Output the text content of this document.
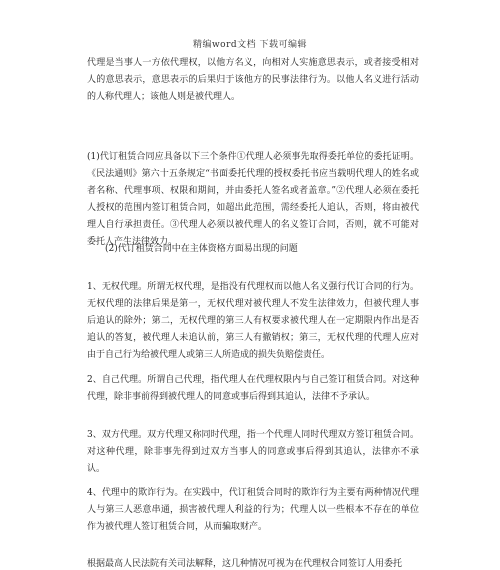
精编word文档 下载可编辑

代理是当事人一方依代理权，以他方名义，向相对人实施意思表示，或者接受相对人的意思表示，意思表示的后果归于该他方的民事法律行为。以他人名义进行活动的人称代理人；该他人则是被代理人。

(1)代订租赁合同应具备以下三个条件①代理人必须事先取得委托单位的委托证明。《民法通则》第六十五条规定“书面委托代理的授权委托书应当载明代理人的姓名或者名称、代理事项、权限和期间，并由委托人签名或者盖章。”②代理人必须在委托人授权的范围内签订租赁合同，如超出此范围，需经委托人追认，否则，将由被代理人自行承担责任。③代理人必须以被代理人的名义签订合同，否则，就不可能对委托人产生法律效力。

(2)代订租赁合同中在主体资格方面易出现的问题

1、无权代理。所谓无权代理，是指没有代理权而以他人名义强行代订合同的行为。无权代理的法律后果是第一，无权代理对被代理人不发生法律效力，但被代理人事后追认的除外；第二，无权代理的第三人有权要求被代理人在一定期限内作出是否追认的答复，被代理人未追认前，第三人有撤销权；第三，无权代理的代理人应对由于自己行为给被代理人或第三人所造成的损失负赔偿责任。

2、自己代理。所谓自己代理，指代理人在代理权限内与自己签订租赁合同。对这种代理，除非事前得到被代理人的同意或事后得到其追认，法律不予承认。

3、双方代理。双方代理又称同时代理，指一个代理人同时代理双方签订租赁合同。对这种代理，除非事先得到过双方当事人的同意或事后得到其追认，法律亦不承认。

4、代理中的欺诈行为。在实践中，代订租赁合同时的欺诈行为主要有两种情况代理人与第三人恶意串通，损害被代理人利益的行为；代理人以一些根本不存在的单位作为被代理人签订租赁合同，从而骗取财产。

根据最高人民法院有关司法解释，这几种情况可视为在代理权合同签订人用委托
